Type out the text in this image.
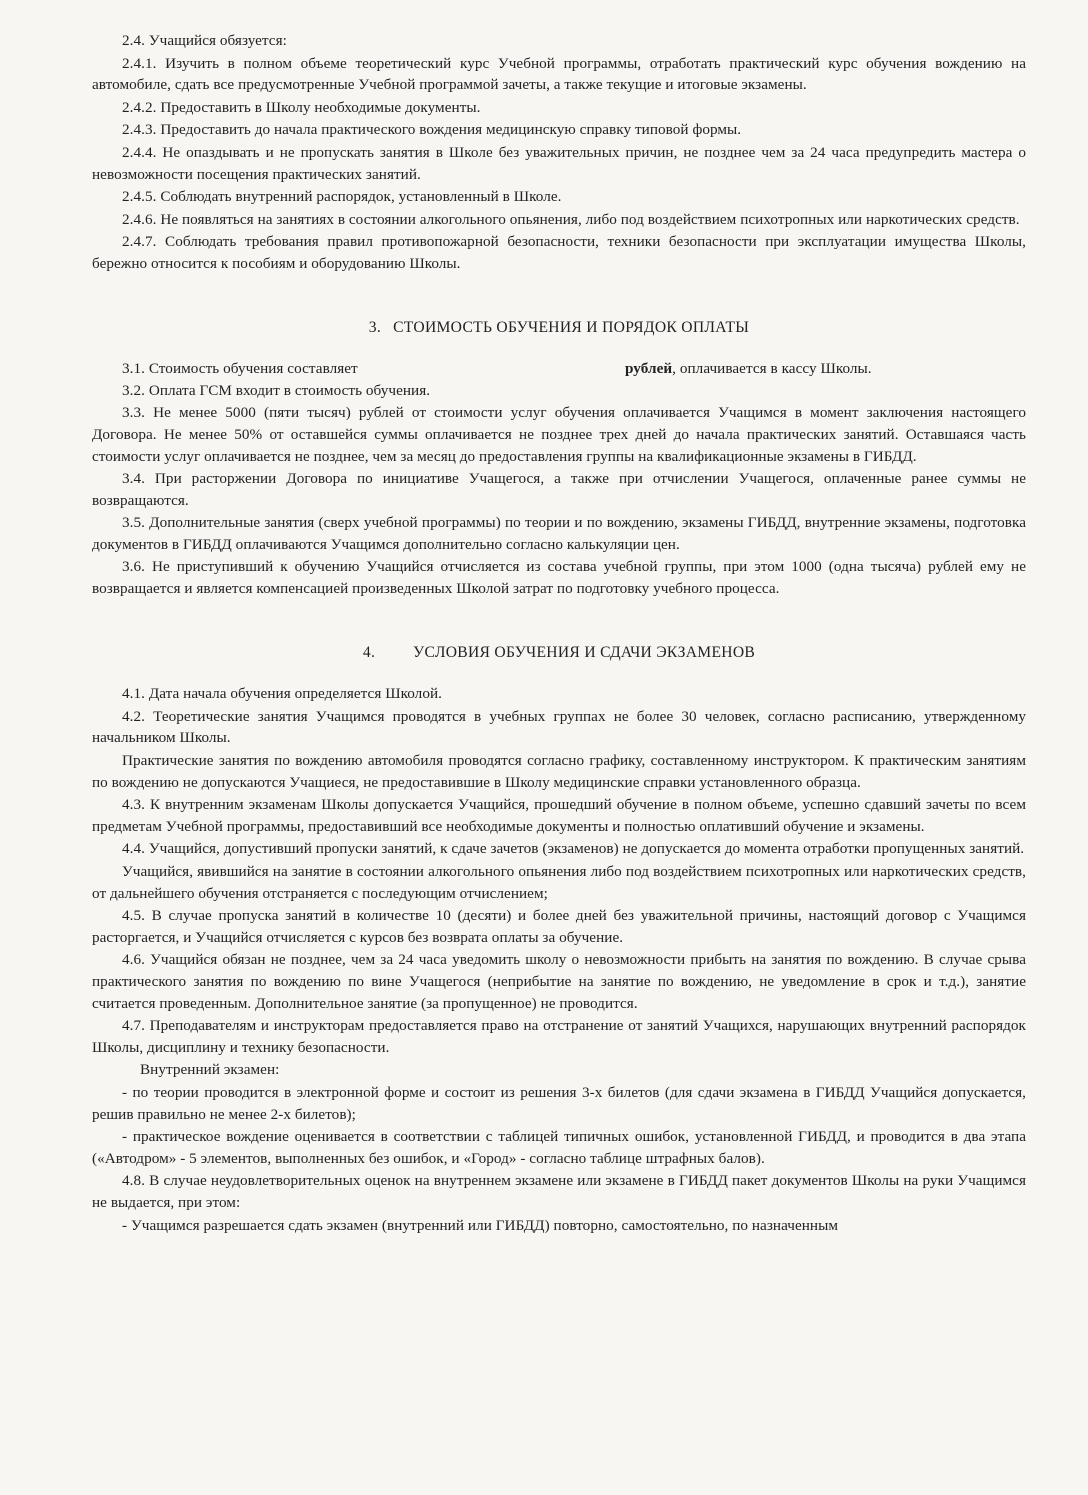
2.4. Учащийся обязуется:

2.4.1. Изучить в полном объеме теоретический курс Учебной программы, отработать практический курс обучения вождению на автомобиле, сдать все предусмотренные Учебной программой зачеты, а также текущие и итоговые экзамены.

2.4.2. Предоставить в Школу необходимые документы.

2.4.3. Предоставить до начала практического вождения медицинскую справку типовой формы.

2.4.4. Не опаздывать и не пропускать занятия в Школе без уважительных причин, не позднее чем за 24 часа предупредить мастера о невозможности посещения практических занятий.

2.4.5. Соблюдать внутренний распорядок, установленный в Школе.

2.4.6. Не появляться на занятиях в состоянии алкогольного опьянения, либо под воздействием психотропных или наркотических средств.

2.4.7. Соблюдать требования правил противопожарной безопасности, техники безопасности при эксплуатации имущества Школы, бережно относится к пособиям и оборудованию Школы.

3. СТОИМОСТЬ ОБУЧЕНИЯ И ПОРЯДОК ОПЛАТЫ
3.1. Стоимость обучения составляет	рублей, оплачивается в кассу Школы.

3.2. Оплата ГСМ входит в стоимость обучения.

3.3. Не менее 5000 (пяти тысяч) рублей от стоимости услуг обучения оплачивается Учащимся в момент заключения настоящего Договора. Не менее 50% от оставшейся суммы оплачивается не позднее трех дней до начала практических занятий. Оставшаяся часть стоимости услуг оплачивается не позднее, чем за месяц до предоставления группы на квалификационные экзамены в ГИБДД.

3.4. При расторжении Договора по инициативе Учащегося, а также при отчислении Учащегося, оплаченные ранее суммы не возвращаются.

3.5. Дополнительные занятия (сверх учебной программы) по теории и по вождению, экзамены ГИБДД, внутренние экзамены, подготовка документов в ГИБДД оплачиваются Учащимся дополнительно согласно калькуляции цен.

3.6. Не приступивший к обучению Учащийся отчисляется из состава учебной группы, при этом 1000 (одна тысяча) рублей ему не возвращается и является компенсацией произведенных Школой затрат по подготовку учебного процесса.

4. УСЛОВИЯ ОБУЧЕНИЯ И СДАЧИ ЭКЗАМЕНОВ

4.1. Дата начала обучения определяется Школой.

4.2. Теоретические занятия Учащимся проводятся в учебных группах не более 30 человек, согласно расписанию, утвержденному начальником Школы.

Практические занятия по вождению автомобиля проводятся согласно графику, составленному инструктором. К практическим занятиям по вождению не допускаются Учащиеся, не предоставившие в Школу медицинские справки установленного образца.

4.3. К внутренним экзаменам Школы допускается Учащийся, прошедший обучение в полном объеме, успешно сдавший зачеты по всем предметам Учебной программы, предоставивший все необходимые документы и полностью оплативший обучение и экзамены.

4.4. Учащийся, допустивший пропуски занятий, к сдаче зачетов (экзаменов) не допускается до момента отработки пропущенных занятий.

Учащийся, явившийся на занятие в состоянии алкогольного опьянения либо под воздействием психотропных или наркотических средств, от дальнейшего обучения отстраняется с последующим отчислением;

4.5. В случае пропуска занятий в количестве 10 (десяти) и более дней без уважительной причины, настоящий договор с Учащимся расторгается, и Учащийся отчисляется с курсов без возврата оплаты за обучение.

4.6. Учащийся обязан не позднее, чем за 24 часа уведомить школу о невозможности прибыть на занятия по вождению. В случае срыва практического занятия по вождению по вине Учащегося (неприбытие на занятие по вождению, не уведомление в срок и т.д.), занятие считается проведенным. Дополнительное занятие (за пропущенное) не проводится.

4.7. Преподавателям и инструкторам предоставляется право на отстранение от занятий Учащихся, нарушающих внутренний распорядок Школы, дисциплину и технику безопасности.

Внутренний экзамен:

- по теории проводится в электронной форме и состоит из решения 3-х билетов (для сдачи экзамена в ГИБДД Учащийся допускается, решив правильно не менее 2-х билетов);

- практическое вождение оценивается в соответствии с таблицей типичных ошибок, установленной ГИБДД, и проводится в два этапа («Автодром» - 5 элементов, выполненных без ошибок, и «Город» - согласно таблице штрафных балов).

4.8. В случае неудовлетворительных оценок на внутреннем экзамене или экзамене в ГИБДД пакет документов Школы на руки Учащимся не выдается, при этом:

- Учащимся разрешается сдать экзамен (внутренний или ГИБДД) повторно, самостоятельно, по назначенным
